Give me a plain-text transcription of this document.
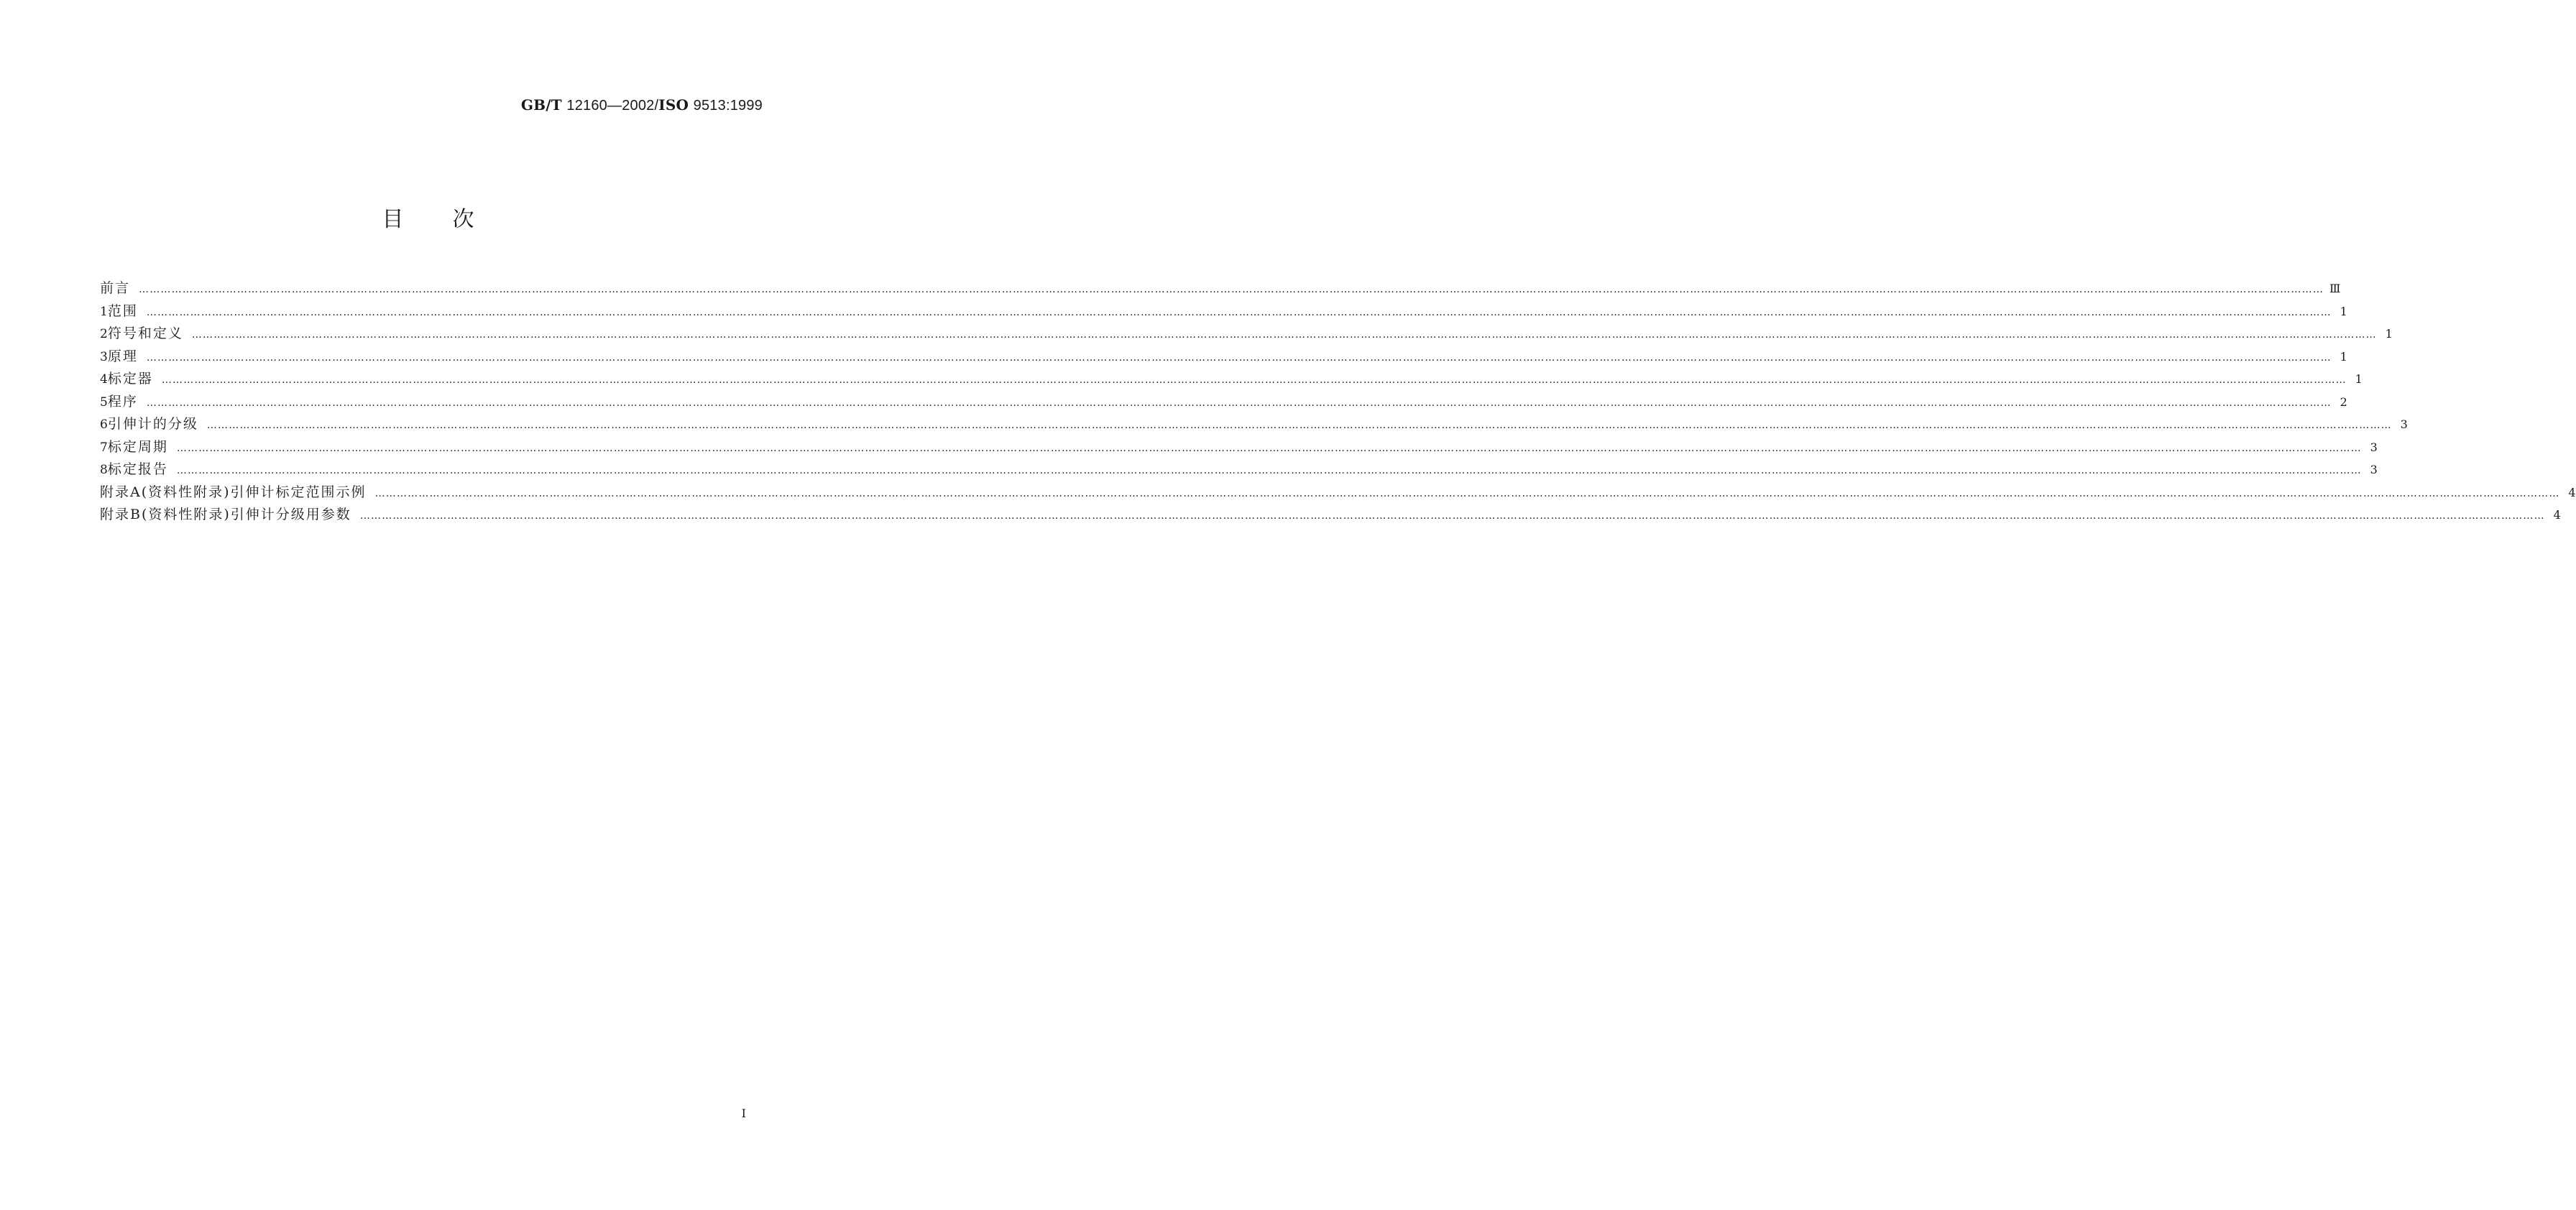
GB/T 12160—2002/ISO 9513:1999
目次
前言 …………………………………………………………………………………………………………………………………………………………………………………………………………………………………………………………………………………………………………………………………………………………………………………………………………………………………………………………………………………………………………………………………………………… Ⅲ
1 范围 …………………………………………………………………………………………………………………………………………………………………………………………………………………………………………………………………………………………………………………………………………………………………………………………………………………………………………………………………………………………………………………………………………………… 1
2 符号和定义 …………………………………………………………………………………………………………………………………………………………………………………………………………………………………………………………………………………………………………………………………………………………………………………………………………………………………………………………………………………………………………………………………………………… 1
3 原理 …………………………………………………………………………………………………………………………………………………………………………………………………………………………………………………………………………………………………………………………………………………………………………………………………………………………………………………………………………………………………………………………………………………… 1
4 标定器 …………………………………………………………………………………………………………………………………………………………………………………………………………………………………………………………………………………………………………………………………………………………………………………………………………………………………………………………………………………………………………………………………………………… 1
5 程序 …………………………………………………………………………………………………………………………………………………………………………………………………………………………………………………………………………………………………………………………………………………………………………………………………………………………………………………………………………………………………………………………………………………… 2
6 引伸计的分级 …………………………………………………………………………………………………………………………………………………………………………………………………………………………………………………………………………………………………………………………………………………………………………………………………………………………………………………………………………………………………………………………………………………… 3
7 标定周期 …………………………………………………………………………………………………………………………………………………………………………………………………………………………………………………………………………………………………………………………………………………………………………………………………………………………………………………………………………………………………………………………………………………… 3
8 标定报告 …………………………………………………………………………………………………………………………………………………………………………………………………………………………………………………………………………………………………………………………………………………………………………………………………………………………………………………………………………………………………………………………………………………… 3
附录A(资料性附录) 引伸计标定范围示例 …………………………………………………………………………………………………………………………………………………………………………………………………………………………………………………………………………………………………………………………………………………………………………………………………………………………………………………………………………………………………………………………………………………… 4
附录B(资料性附录) 引伸计分级用参数 …………………………………………………………………………………………………………………………………………………………………………………………………………………………………………………………………………………………………………………………………………………………………………………………………………………………………………………………………………………………………………………………………………………… 4
I
